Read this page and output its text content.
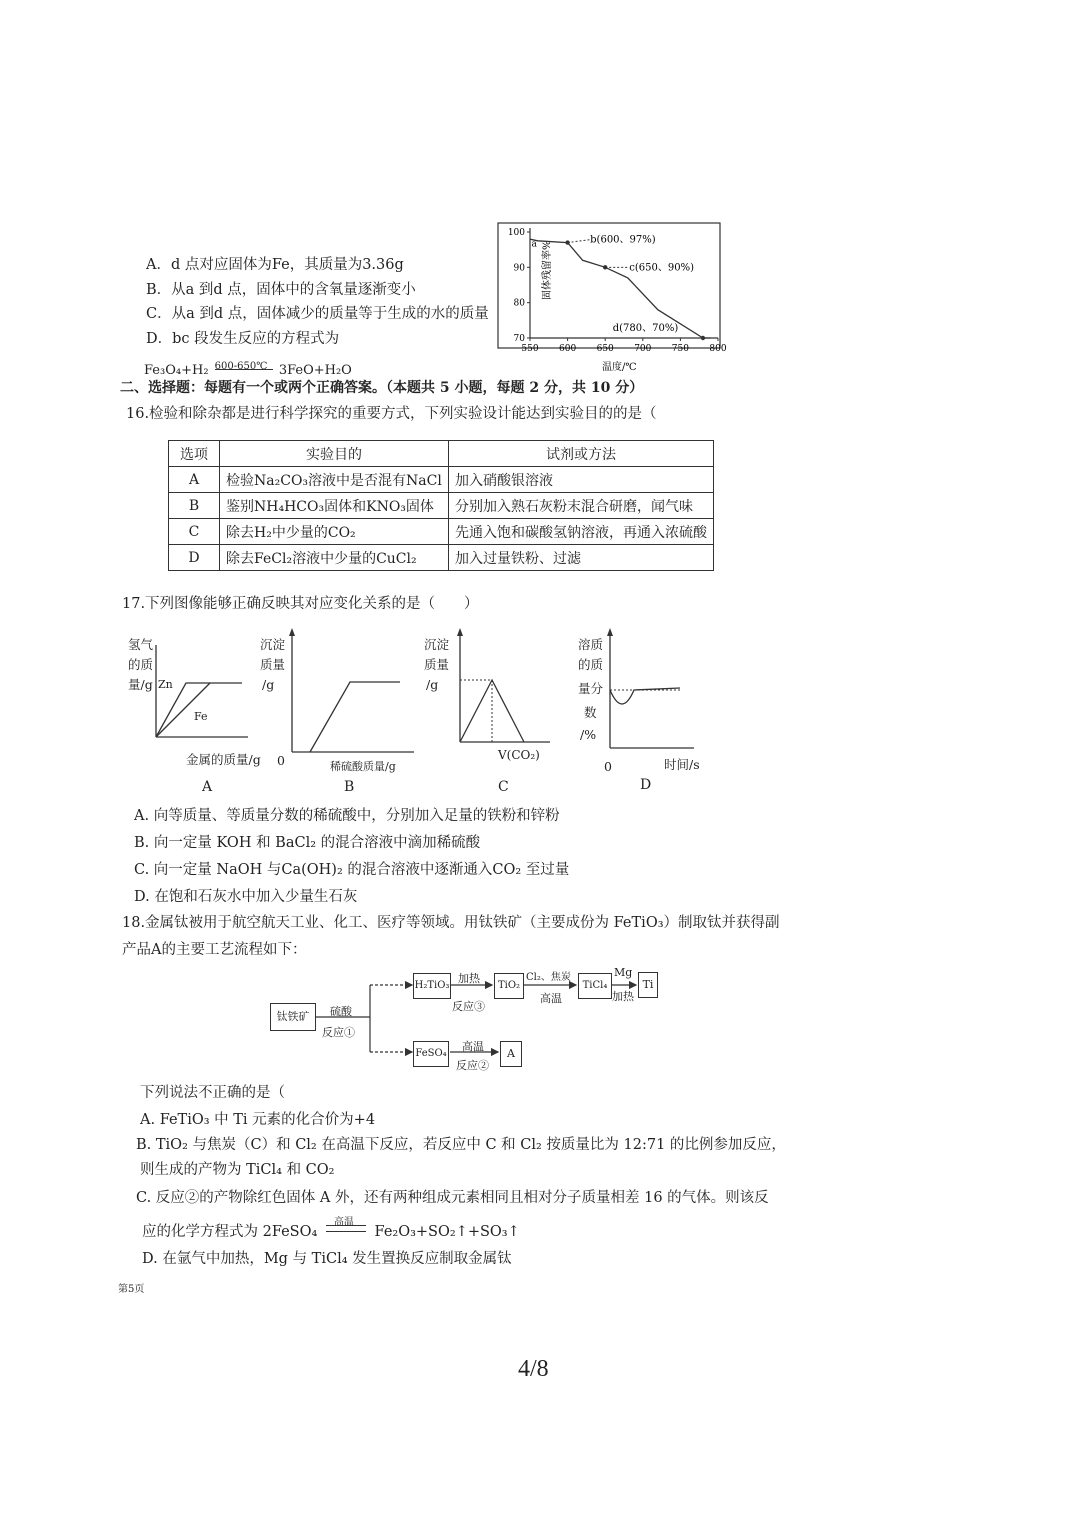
A．d 点对应固体为Fe，其质量为3.36g
B．从a 到d 点，固体中的含氧量逐渐变小
C．从a 到d 点，固体减少的质量等于生成的水的质量
D．bc 段发生反应的方程式为
Fe₃O₄+H₂ 600-650℃ 3FeO+H₂O
固体残留率%
100
90
80
70
550 600 650 700 750 800
a	b(600、97%)
c(650、90%)
d(780、70%)
温度/℃
二、选择题：每题有一个或两个正确答案。（本题共 5 小题，每题 2 分，共 10 分）
16.检验和除杂都是进行科学探究的重要方式，下列实验设计能达到实验目的的是（
选项	实验目的	试剂或方法
A	检验Na₂CO₃溶液中是否混有NaCl	加入硝酸银溶液
B	鉴别NH₄HCO₃固体和KNO₃固体	分别加入熟石灰粉末混合研磨，闻气味
C	除去H₂中少量的CO₂	先通入饱和碳酸氢钠溶液，再通入浓硫酸
D	除去FeCl₂溶液中少量的CuCl₂	加入过量铁粉、过滤
17.下列图像能够正确反映其对应变化关系的是（　　）
氢气
的质
量/g Zn
Fe
金属的质量/g
A
沉淀
质量
/g
0	稀硫酸质量/g
B
沉淀
质量
/g
V(CO₂)
C
溶质
的质
量分
数
/%
0	时间/s
D
A. 向等质量、等质量分数的稀硫酸中，分别加入足量的铁粉和锌粉
B. 向一定量 KOH 和 BaCl₂ 的混合溶液中滴加稀硫酸
C. 向一定量 NaOH 与Ca(OH)₂ 的混合溶液中逐渐通入CO₂ 至过量
D. 在饱和石灰水中加入少量生石灰
18.金属钛被用于航空航天工业、化工、医疗等领域。用钛铁矿（主要成份为 FeTiO₃）制取钛并获得副
产品A的主要工艺流程如下：
钛铁矿	硫酸
反应①
H₂TiO₃
加热
反应③
TiO₂
Cl₂、焦炭
高温
TiCl₄
Mg
加热
Ti
FeSO₄
高温
反应②
A
下列说法不正确的是（
A. FeTiO₃ 中 Ti 元素的化合价为+4
B. TiO₂ 与焦炭（C）和 Cl₂ 在高温下反应，若反应中 C 和 Cl₂ 按质量比为 12:71 的比例参加反应，
则生成的产物为 TiCl₄ 和 CO₂
C. 反应②的产物除红色固体 A 外，还有两种组成元素相同且相对分子质量相差 16 的气体。则该反
应的化学方程式为 2FeSO₄
高温
Fe₂O₃+SO₂↑+SO₃↑
D. 在氩气中加热，Mg 与 TiCl₄ 发生置换反应制取金属钛
第5页
4/8
